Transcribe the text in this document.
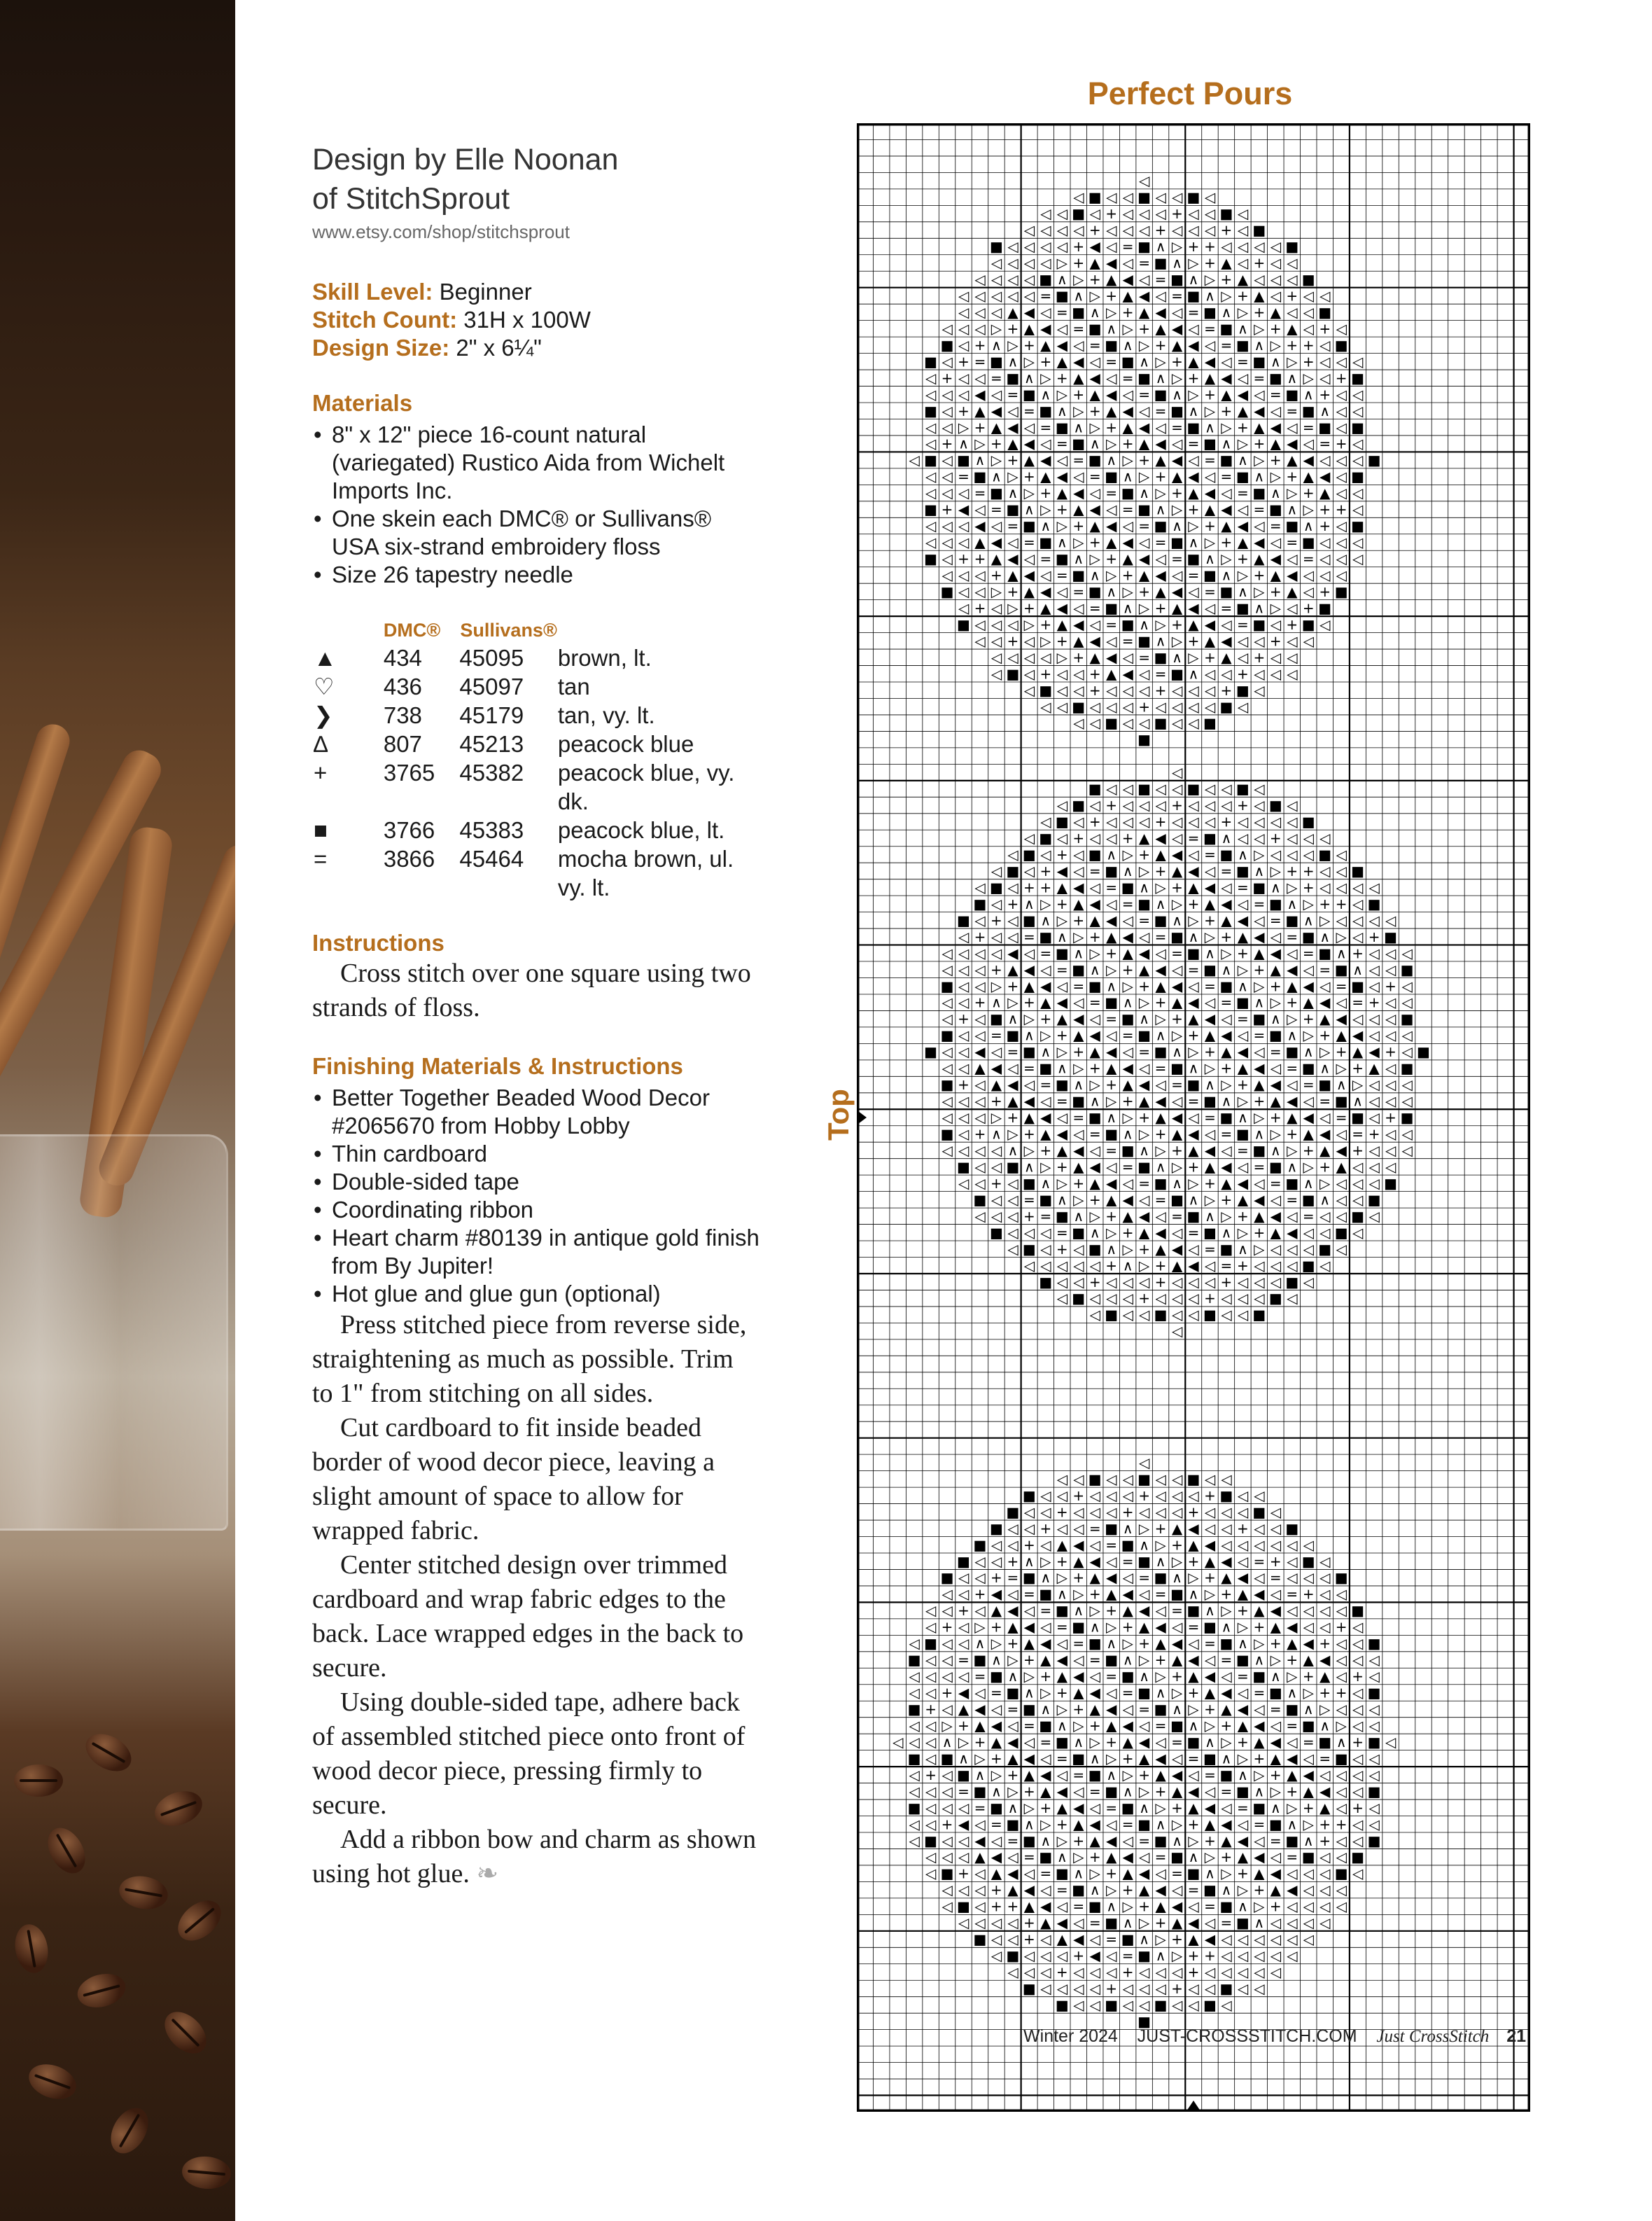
Design by Elle Noonan
of StitchSprout
www.etsy.com/shop/stitchsprout
Skill Level: Beginner
Stitch Count: 31H x 100W
Design Size: 2" x 6¼"
Materials
• 8" x 12" piece 16-count natural (variegated) Rustico Aida from Wichelt Imports Inc.
• One skein each DMC® or Sullivans® USA six-strand embroidery floss
• Size 26 tapestry needle
	DMC®	Sullivans®	
▲	434	45095	brown, lt.
♡	436	45097	tan
❯	738	45179	tan, vy. lt.
∆	807	45213	peacock blue
+	3765	45382	peacock blue, vy. dk.
■	3766	45383	peacock blue, lt.
=	3866	45464	mocha brown, ul. vy. lt.
Instructions

Cross stitch over one square using two strands of floss.

Finishing Materials & Instructions
• Better Together Beaded Wood Decor #2065670 from Hobby Lobby
• Thin cardboard
• Double-sided tape
• Coordinating ribbon
• Heart charm #80139 in antique gold finish from By Jupiter!
• Hot glue and glue gun (optional)

Press stitched piece from reverse side, straightening as much as possible. Trim to 1" from stitching on all sides.

Cut cardboard to fit inside beaded border of wood decor piece, leaving a slight amount of space to allow for wrapped fabric.

Center stitched design over trimmed cardboard and wrap fabric edges to the back. Lace wrapped edges in the back to secure.

Using double-sided tape, adhere back of assembled stitched piece onto front of wood decor piece, pressing firmly to secure.

Add a ribbon bow and charm as shown using hot glue. ❧

Perfect Pours
Top
◁
◁ ■ ◁ ◁ ■ ◁ ◁ ■ ◁
◁ ◁ ■ ◁ + ◁ ◁ ◁ + ◁ ◁ ■ ◁
◁ ◁ ◁ ◁ + ◁ ◁ ◁ + ◁ ◁ ◁ + ◁ ■
■ ◁ ◁ ◁ ◁ + ◀ ◁ = ■ ∧ ▷ + + ◁ ◁ ◁ ◁ ■
◁ ◁ ◁ ◁ ▷ + ▲ ◀ ◁ = ■ ∧ ▷ + ▲ ◁ + ◁ ◁
◁ ◁ ◁ ◁ ■ ∧ ▷ + ▲ ◀ ◁ = ■ ∧ ▷ + ▲ ◁ ◁ ◁ ■
◁ ◁ ◁ ◁ ◁ = ■ ∧ ▷ + ▲ ◀ ◁ = ■ ∧ ▷ + ▲ ◁ + ◁ ◁
◁ ◁ ◁ ▲ ◀ ◁ = ■ ∧ ▷ + ▲ ◀ ◁ = ■ ∧ ▷ + ▲ ◁ ◁ ■
◁ ◁ ◁ ▷ + ▲ ◀ ◁ = ■ ∧ ▷ + ▲ ◀ ◁ = ■ ∧ ▷ + ▲ ◁ + ◁
■ ◁ + ∧ ▷ + ▲ ◀ ◁ = ■ ∧ ▷ + ▲ ◀ ◁ = ■ ∧ ▷ + + ◁ ■
■ ◁ + = ■ ∧ ▷ + ▲ ◀ ◁ = ■ ∧ ▷ + ▲ ◀ ◁ = ■ ∧ ▷ + ◁ ◁ ◁
◁ + ◁ ◁ = ■ ∧ ▷ + ▲ ◀ ◁ = ■ ∧ ▷ + ▲ ◀ ◁ = ■ ∧ ▷ ◁ + ■
◁ ◁ ◁ ◀ ◁ = ■ ∧ ▷ + ▲ ◀ ◁ = ■ ∧ ▷ + ▲ ◀ ◁ = ■ ∧ + ◁ ◁
■ ◁ + ▲ ◀ ◁ = ■ ∧ ▷ + ▲ ◀ ◁ = ■ ∧ ▷ + ▲ ◀ ◁ = ■ ∧ ◁ ◁
◁ ◁ ▷ + ▲ ◀ ◁ = ■ ∧ ▷ + ▲ ◀ ◁ = ■ ∧ ▷ + ▲ ◀ ◁ = ■ ◁ ■
◁ + ∧ ▷ + ▲ ◀ ◁ = ■ ∧ ▷ + ▲ ◀ ◁ = ■ ∧ ▷ + ▲ ◀ ◁ = + ◁
◁ ■ ◁ ■ ∧ ▷ + ▲ ◀ ◁ = ■ ∧ ▷ + ▲ ◀ ◁ = ■ ∧ ▷ + ▲ ◀ ◁ ◁ ◁ ■
◁ ◁ = ■ ∧ ▷ + ▲ ◀ ◁ = ■ ∧ ▷ + ▲ ◀ ◁ = ■ ∧ ▷ + ▲ ◀ ◁ ■
◁ ◁ ◁ = ■ ∧ ▷ + ▲ ◀ ◁ = ■ ∧ ▷ + ▲ ◀ ◁ = ■ ∧ ▷ + ▲ ◁ ◁
■ + ◀ ◁ = ■ ∧ ▷ + ▲ ◀ ◁ = ■ ∧ ▷ + ▲ ◀ ◁ = ■ ∧ ▷ + + ◁
◁ ◁ ◁ ◀ ◁ = ■ ∧ ▷ + ▲ ◀ ◁ = ■ ∧ ▷ + ▲ ◀ ◁ = ■ ∧ + ◁ ■
◁ ◁ ◁ ▲ ◀ ◁ = ■ ∧ ▷ + ▲ ◀ ◁ = ■ ∧ ▷ + ▲ ◀ ◁ = ■ ◁ ◁ ◁
■ ◁ + + ▲ ◀ ◁ = ■ ∧ ▷ + ▲ ◀ ◁ = ■ ∧ ▷ + ▲ ◀ ◁ = ◁ ◁ ◁
◁ ◁ ◁ + ▲ ◀ ◁ = ■ ∧ ▷ + ▲ ◀ ◁ = ■ ∧ ▷ + ▲ ◀ ◁ ◁ ◁
■ ◁ ◁ ▷ + ▲ ◀ ◁ = ■ ∧ ▷ + ▲ ◀ ◁ = ■ ∧ ▷ + ▲ ◁ + ■
◁ + ◁ ▷ + ▲ ◀ ◁ = ■ ∧ ▷ + ▲ ◀ ◁ = ■ ∧ ▷ ◁ + ■
■ ◁ ◁ ◁ ▷ + ▲ ◀ ◁ = ■ ∧ ▷ + ▲ ◀ ◁ = ■ ◁ + ■ ◁
◁ ◁ + ◁ ▷ + ▲ ◀ ◁ = ■ ∧ ▷ + ▲ ◀ ◁ ◁ + ◁ ◁
◁ ◁ ◁ ◁ ▷ + ▲ ◀ ◁ = ■ ∧ ▷ + ▲ ◁ + ◁ ◁
◁ ■ ◁ + ◁ ◁ + ▲ ◀ ◁ = ■ ∧ ◁ ◁ + ◁ ◁ ◁
◁ ■ ◁ ◁ + ◁ ◁ ◁ + ◁ ◁ ◁ + ■ ◁
◁ ◁ ■ ◁ ◁ ◁ + ◁ ◁ ◁ ◁ ■ ◁
◁ ◁ ■ ◁ ◁ ■ ◁ ◁ ■
■
◁
■ ◁ ◁ ■ ◁ ◁ ■ ◁ ◁ ■ ◁
◁ ■ ◁ + ◁ ◁ ◁ + ◁ ◁ ◁ + ◁ ■ ◁
◁ ■ ◁ + ◁ ◁ ◁ + ◁ ◁ ◁ + ◁ ◁ ◁ ◁ ■
◁ ■ ◁ + ◁ ◁ + ▲ ◀ ◁ = ■ ∧ ◁ ◁ + ◁ ◁ ◁
◁ ■ ◁ + ◁ ■ ∧ ▷ + ▲ ◀ ◁ = ■ ∧ ▷ ◁ ◁ ◁ ■ ◁
◁ ■ ◁ + ◀ ◁ = ■ ∧ ▷ + ▲ ◀ ◁ = ■ ∧ ▷ + + ◁ ◁ ■
◁ ■ ◁ + + ▲ ◀ ◁ = ■ ∧ ▷ + ▲ ◀ ◁ = ■ ∧ ▷ + ◁ ◁ ◁ ◁
■ ◁ + ∧ ▷ + ▲ ◀ ◁ = ■ ∧ ▷ + ▲ ◀ ◁ = ■ ∧ ▷ + + ◁ ■
■ ◁ + ◁ ■ ∧ ▷ + ▲ ◀ ◁ = ■ ∧ ▷ + ▲ ◀ ◁ = ■ ∧ ▷ ◁ ◁ ◁ ◁
◁ + ◁ ◁ = ■ ∧ ▷ + ▲ ◀ ◁ = ■ ∧ ▷ + ▲ ◀ ◁ = ■ ∧ ▷ ◁ + ■
◁ ◁ ◁ ◁ ◀ ◁ = ■ ∧ ▷ + ▲ ◀ ◁ = ■ ∧ ▷ + ▲ ◀ ◁ = ■ ∧ + ◁ ◁ ◁
◁ ◁ ◁ + ▲ ◀ ◁ = ■ ∧ ▷ + ▲ ◀ ◁ = ■ ∧ ▷ + ▲ ◀ ◁ = ■ ∧ ◁ ◁ ■
■ ◁ ◁ ▷ + ▲ ◀ ◁ = ■ ∧ ▷ + ▲ ◀ ◁ = ■ ∧ ▷ + ▲ ◀ ◁ = ■ ◁ + ◁
◁ ◁ + ∧ ▷ + ▲ ◀ ◁ = ■ ∧ ▷ + ▲ ◀ ◁ = ■ ∧ ▷ + ▲ ◀ ◁ = + ◁ ◁
◁ + ◁ ■ ∧ ▷ + ▲ ◀ ◁ = ■ ∧ ▷ + ▲ ◀ ◁ = ■ ∧ ▷ + ▲ ◀ ◁ ◁ ◁ ■
■ ◁ ◁ = ■ ∧ ▷ + ▲ ◀ ◁ = ■ ∧ ▷ + ▲ ◀ ◁ = ■ ∧ ▷ + ▲ ◀ ◁ ◁ ◁
■ ◁ ◁ ◀ ◁ = ■ ∧ ▷ + ▲ ◀ ◁ = ■ ∧ ▷ + ▲ ◀ ◁ = ■ ∧ ▷ + ▲ ◀ + ◁ ■
◁ ◁ ▲ ◀ ◁ = ■ ∧ ▷ + ▲ ◀ ◁ = ■ ∧ ▷ + ▲ ◀ ◁ = ■ ∧ ▷ + ▲ ◁ ■
■ + ◁ ▲ ◀ ◁ = ■ ∧ ▷ + ▲ ◀ ◁ = ■ ∧ ▷ + ▲ ◀ ◁ = ■ ∧ ▷ ◁ ◁ ◁
◁ ◁ ◁ + ▲ ◀ ◁ = ■ ∧ ▷ + ▲ ◀ ◁ = ■ ∧ ▷ + ▲ ◀ ◁ = ■ ∧ ◁ ◁ ◁
◁ ◁ ◁ ▷ + ▲ ◀ ◁ = ■ ∧ ▷ + ▲ ◀ ◁ = ■ ∧ ▷ + ▲ ◀ ◁ = ■ ◁ + ■
■ ◁ + ∧ ▷ + ▲ ◀ ◁ = ■ ∧ ▷ + ▲ ◀ ◁ = ■ ∧ ▷ + ▲ ◀ ◁ = + ◁ ◁
◁ ◁ ◁ ◁ ∧ ▷ + ▲ ◀ ◁ = ■ ∧ ▷ + ▲ ◀ ◁ = ■ ∧ ▷ + ▲ ◀ + ◁ ◁ ◁
■ ◁ ◁ ■ ∧ ▷ + ▲ ◀ ◁ = ■ ∧ ▷ + ▲ ◀ ◁ = ■ ∧ ▷ + ▲ ◁ ◁ ◁
◁ ◁ + ◁ ■ ∧ ▷ + ▲ ◀ ◁ = ■ ∧ ▷ + ▲ ◀ ◁ = ■ ∧ ▷ ◁ ◁ ◁ ■
■ ◁ ◁ = ■ ∧ ▷ + ▲ ◀ ◁ = ■ ∧ ▷ + ▲ ◀ ◁ = ■ ∧ ◁ ◁ ■
◁ ◁ ◁ + = ■ ∧ ▷ + ▲ ◀ ◁ = ■ ∧ ▷ + ▲ ◀ ◁ = ◁ ◁ ■ ◁
■ ◁ ◁ ◁ = ■ ∧ ▷ + ▲ ◀ ◁ = ■ ∧ ▷ + ▲ ◀ ◁ ◁ ■ ◁
◁ ■ ◁ + ◁ ■ ∧ ▷ + ▲ ◀ ◁ = ■ ∧ ▷ ◁ ◁ ◁ ■ ◁
◁ ◁ ◁ ◁ ◁ + ∧ ▷ + ▲ ◀ ◁ = + ◁ ◁ ◁ ■ ◁
■ ◁ ◁ + ◁ ◁ ◁ + ◁ ◁ ◁ + ◁ ◁ ◁ ■ ◁
◁ ■ ◁ ◁ ◁ + ◁ ◁ ◁ + ◁ ◁ ◁ ■ ◁
◁ ■ ◁ ◁ ■ ◁ ◁ ■ ◁ ◁ ■
◁
◁
◁ ◁ ■ ◁ ◁ ■ ◁ ◁ ■ ◁ ◁
■ ◁ ◁ + ◁ ◁ ◁ + ◁ ◁ ◁ + ■ ◁ ◁
■ ◁ ◁ + ◁ ◁ ◁ + ◁ ◁ ◁ + ◁ ◁ ◁ ■ ◁
■ ◁ ◁ + ◁ ◁ = ■ ∧ ▷ + ▲ ◀ ◁ ◁ + ◁ ◁ ■
■ ◁ ◁ + ◁ ▲ ◀ ◁ = ■ ∧ ▷ + ▲ ◀ ◁ ◁ ◁ ◁ ◁ ◁
■ ◁ ◁ + ∧ ▷ + ▲ ◀ ◁ = ■ ∧ ▷ + ▲ ◀ ◁ = + ◁ ■ ◁
■ ◁ ◁ + = ■ ∧ ▷ + ▲ ◀ ◁ = ■ ∧ ▷ + ▲ ◀ ◁ = ◁ ◁ ◁ ■
◁ ◁ + ◀ ◁ = ■ ∧ ▷ + ▲ ◀ ◁ = ■ ∧ ▷ + ▲ ◀ ◁ = + ◁ ◁
◁ ◁ + ◁ ▲ ◀ ◁ = ■ ∧ ▷ + ▲ ◀ ◁ = ■ ∧ ▷ + ▲ ◀ ◁ ◁ ◁ ◁ ■
◁ + ◁ ▷ + ▲ ◀ ◁ = ■ ∧ ▷ + ▲ ◀ ◁ = ■ ∧ ▷ + ▲ ◀ ◁ ◁ + ◁
◁ ■ ◁ ◁ ∧ ▷ + ▲ ◀ ◁ = ■ ∧ ▷ + ▲ ◀ ◁ = ■ ∧ ▷ + ▲ ◀ + ◁ ◁ ■
■ ◁ ◁ = ■ ∧ ▷ + ▲ ◀ ◁ = ■ ∧ ▷ + ▲ ◀ ◁ = ■ ∧ ▷ + ▲ ◀ ◁ ◁ ◁
◁ ◁ ◁ ◁ = ■ ∧ ▷ + ▲ ◀ ◁ = ■ ∧ ▷ + ▲ ◀ ◁ = ■ ∧ ▷ + ▲ ◁ + ◁
◁ ◁ + ◀ ◁ = ■ ∧ ▷ + ▲ ◀ ◁ = ■ ∧ ▷ + ▲ ◀ ◁ = ■ ∧ ▷ + + ◁ ■
■ + ◁ ▲ ◀ ◁ = ■ ∧ ▷ + ▲ ◀ ◁ = ■ ∧ ▷ + ▲ ◀ ◁ = ■ ∧ ▷ ◁ ◁ ◁
◁ ◁ ▷ + ▲ ◀ ◁ = ■ ∧ ▷ + ▲ ◀ ◁ = ■ ∧ ▷ + ▲ ◀ ◁ = ■ ∧ ▷ ◁ ◁
◁ ◁ ◁ ∧ ▷ + ▲ ◀ ◁ = ■ ∧ ▷ + ▲ ◀ ◁ = ■ ∧ ▷ + ▲ ◀ ◁ = ■ ∧ + ■ ◁
■ ◁ ■ ∧ ▷ + ▲ ◀ ◁ = ■ ∧ ▷ + ▲ ◀ ◁ = ■ ∧ ▷ + ▲ ◀ ◁ = ■ ◁ ◁
◁ + ◁ ■ ∧ ▷ + ▲ ◀ ◁ = ■ ∧ ▷ + ▲ ◀ ◁ = ■ ∧ ▷ + ▲ ◀ ◁ ◁ ◁ ◁
◁ ◁ ◁ = ■ ∧ ▷ + ▲ ◀ ◁ = ■ ∧ ▷ + ▲ ◀ ◁ = ■ ∧ ▷ + ▲ ◀ ◁ ◁ ■
■ ◁ ◁ ◁ = ■ ∧ ▷ + ▲ ◀ ◁ = ■ ∧ ▷ + ▲ ◀ ◁ = ■ ∧ ▷ + ▲ ◁ + ◁
◁ ◁ + ◀ ◁ = ■ ∧ ▷ + ▲ ◀ ◁ = ■ ∧ ▷ + ▲ ◀ ◁ = ■ ∧ ▷ + + ◁ ◁
◁ ■ ◁ ◁ ◀ ◁ = ■ ∧ ▷ + ▲ ◀ ◁ = ■ ∧ ▷ + ▲ ◀ ◁ = ■ ∧ + ◁ ◁ ■
◁ ◁ ◁ ▲ ◀ ◁ = ■ ∧ ▷ + ▲ ◀ ◁ = ■ ∧ ▷ + ▲ ◀ ◁ = ■ ◁ ◁ ■
◁ ■ + ◁ ▲ ◀ ◁ = ■ ∧ ▷ + ▲ ◀ ◁ = ■ ∧ ▷ + ▲ ◀ ◁ ◁ ◁ ■ ◁
◁ ◁ ◁ + ▲ ◀ ◁ = ■ ∧ ▷ + ▲ ◀ ◁ = ■ ∧ ▷ + ▲ ◀ ◁ ◁ ◁
◁ ■ ◁ + + ▲ ◀ ◁ = ■ ∧ ▷ + ▲ ◀ ◁ = ■ ∧ ▷ + ◁ ◁ ◁ ◁
◁ ◁ ◁ ◁ + ▲ ◀ ◁ = ■ ∧ ▷ + ▲ ◀ ◁ = ■ ∧ ◁ ◁ ◁ ◁
■ ◁ ◁ + ◁ ▲ ◀ ◁ = ■ ∧ ▷ + ▲ ◀ ◁ ◁ ◁ ◁ ◁ ◁
◁ ■ ◁ ◁ ◁ + ◀ ◁ = ■ ∧ ▷ + + ◁ ◁ ◁ ◁ ◁
◁ ◁ ◁ + ◁ ◁ ◁ + ◁ ◁ ◁ + ◁ ◁ ◁ ◁ ◁
■ ◁ ◁ ◁ ◁ + ◁ ◁ ◁ + ◁ ◁ ■ ◁ ◁
■ ◁ ◁ ■ ◁ ◁ ■ ◁ ◁ ■ ◁
■
Winter 2024 JUST-CROSSSTITCH.COM Just CrossStitch 21
